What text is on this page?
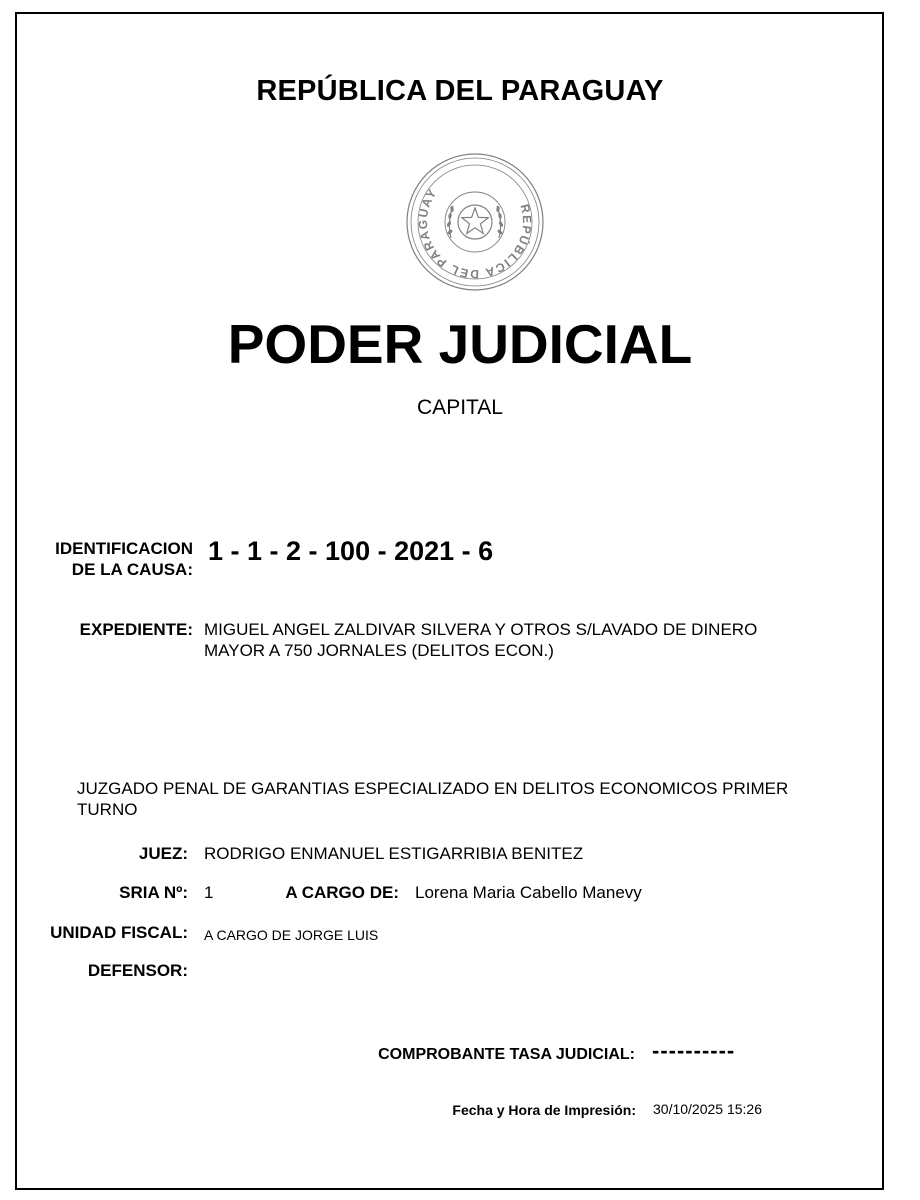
REPÚBLICA DEL PARAGUAY
REPÚBLICA DEL PARAGUAY
PODER JUDICIAL
CAPITAL
IDENTIFICACION
DE LA CAUSA:
1 - 1 - 2 - 100 - 2021 - 6
EXPEDIENTE: MIGUEL ANGEL ZALDIVAR SILVERA Y OTROS S/LAVADO DE DINERO
MAYOR A 750 JORNALES (DELITOS ECON.)
JUZGADO PENAL DE GARANTIAS ESPECIALIZADO EN DELITOS ECONOMICOS PRIMER
TURNO
JUEZ: RODRIGO ENMANUEL ESTIGARRIBIA BENITEZ
SRIA Nº: 1	A CARGO DE: Lorena Maria Cabello Manevy
UNIDAD FISCAL: A CARGO DE JORGE LUIS
DEFENSOR:
COMPROBANTE TASA JUDICIAL: ----------
Fecha y Hora de Impresión: 30/10/2025 15:26
